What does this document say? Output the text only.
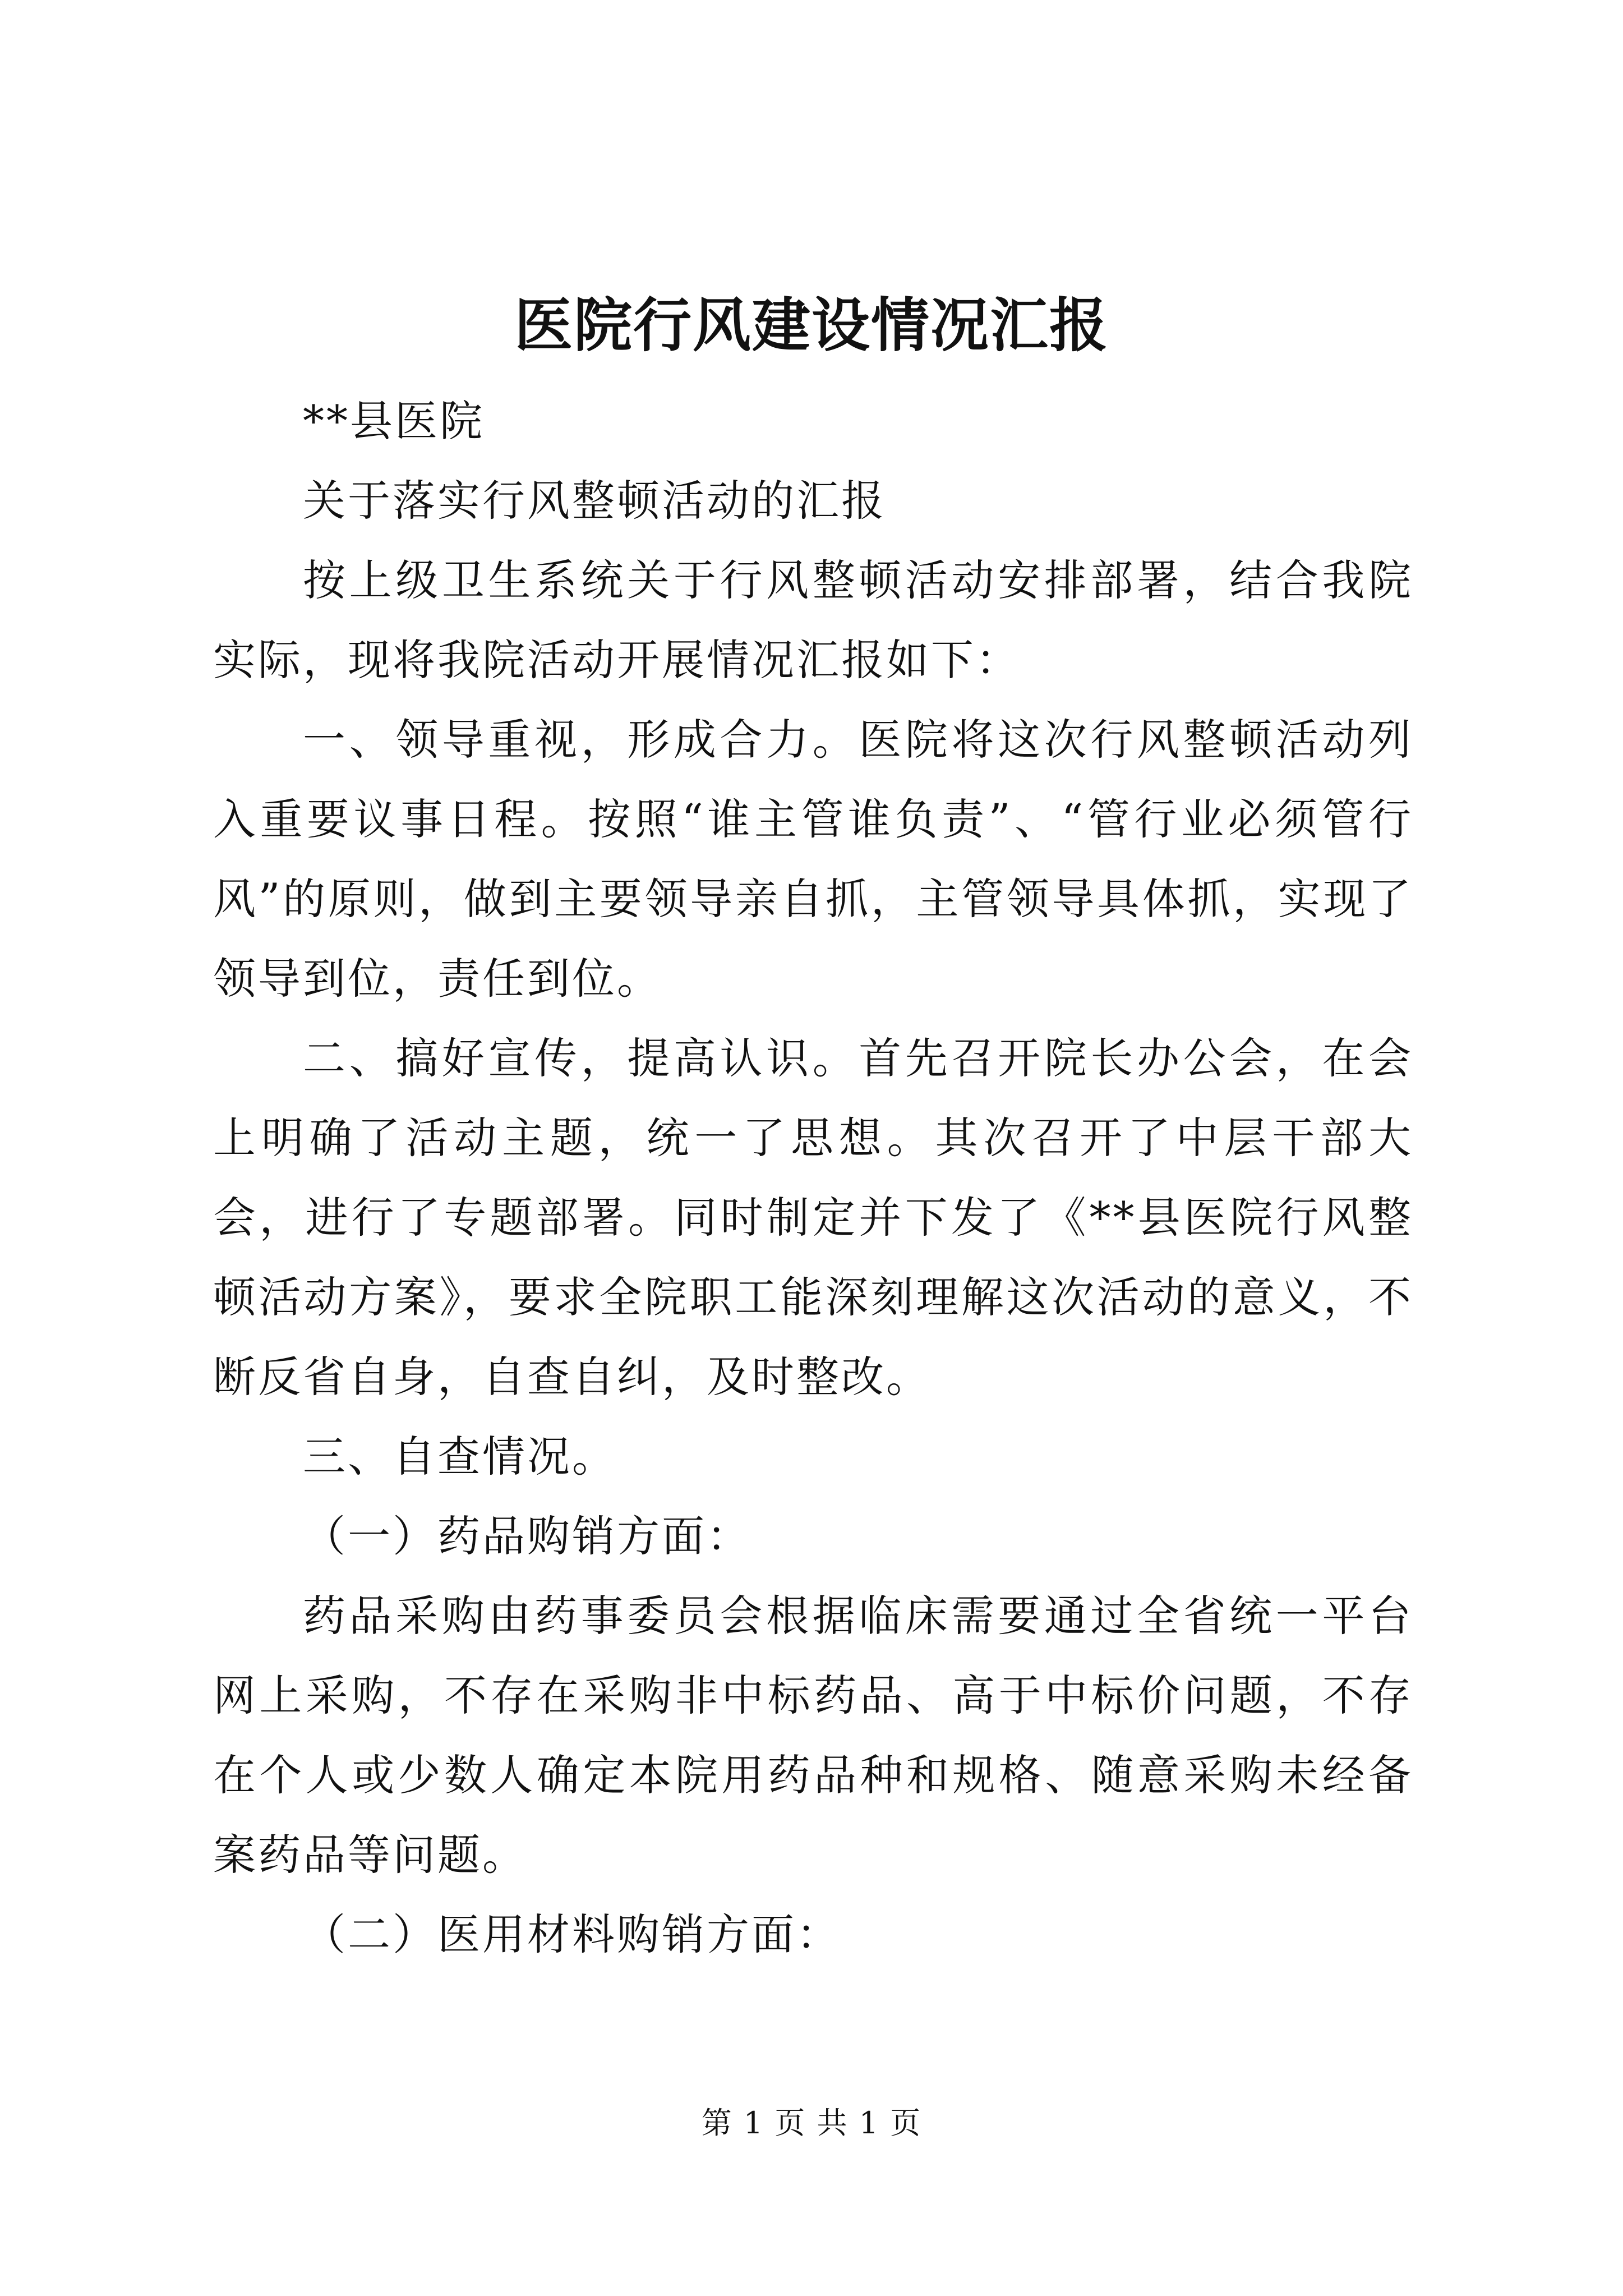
医院行风建设情况汇报

**县医院

关于落实行风整顿活动的汇报

按上级卫生系统关于行风整顿活动安排部署，结合我院实际，现将我院活动开展情况汇报如下：

一、领导重视，形成合力。医院将这次行风整顿活动列入重要议事日程。按照“谁主管谁负责”、“管行业必须管行风”的原则，做到主要领导亲自抓，主管领导具体抓，实现了领导到位，责任到位。

二、搞好宣传，提高认识。首先召开院长办公会，在会上明确了活动主题，统一了思想。其次召开了中层干部大会，进行了专题部署。同时制定并下发了《**县医院行风整顿活动方案》，要求全院职工能深刻理解这次活动的意义，不断反省自身，自查自纠，及时整改。

三、自查情况。

（一）药品购销方面：

药品采购由药事委员会根据临床需要通过全省统一平台网上采购，不存在采购非中标药品、高于中标价问题，不存在个人或少数人确定本院用药品种和规格、随意采购未经备案药品等问题。

（二）医用材料购销方面：

第 1 页 共 1 页
